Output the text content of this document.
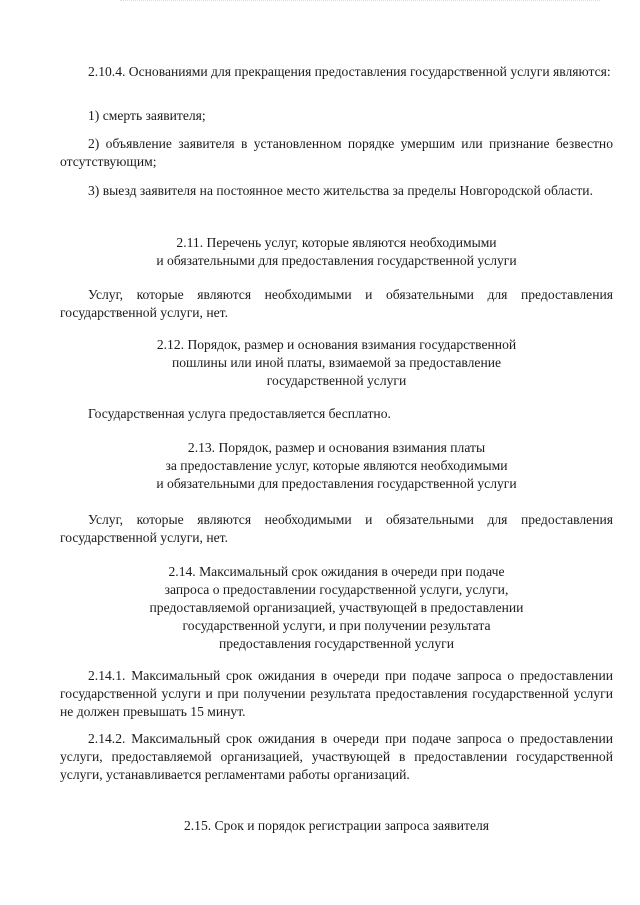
2.10.4. Основаниями для прекращения предоставления государственной услуги являются:

1) смерть заявителя;

2) объявление заявителя в установленном порядке умершим или признание безвестно отсутствующим;

3) выезд заявителя на постоянное место жительства за пределы Новгородской области.

2.11. Перечень услуг, которые являются необходимыми
и обязательными для предоставления государственной услуги

Услуг, которые являются необходимыми и обязательными для предоставления государственной услуги, нет.

2.12. Порядок, размер и основания взимания государственной
пошлины или иной платы, взимаемой за предоставление
государственной услуги

Государственная услуга предоставляется бесплатно.

2.13. Порядок, размер и основания взимания платы
за предоставление услуг, которые являются необходимыми
и обязательными для предоставления государственной услуги

Услуг, которые являются необходимыми и обязательными для предоставления государственной услуги, нет.

2.14. Максимальный срок ожидания в очереди при подаче
запроса о предоставлении государственной услуги, услуги,
предоставляемой организацией, участвующей в предоставлении
государственной услуги, и при получении результата
предоставления государственной услуги

2.14.1. Максимальный срок ожидания в очереди при подаче запроса о предоставлении государственной услуги и при получении результата предоставления государственной услуги не должен превышать 15 минут.

2.14.2. Максимальный срок ожидания в очереди при подаче запроса о предоставлении услуги, предоставляемой организацией, участвующей в предоставлении государственной услуги, устанавливается регламентами работы организаций.

2.15. Срок и порядок регистрации запроса заявителя
